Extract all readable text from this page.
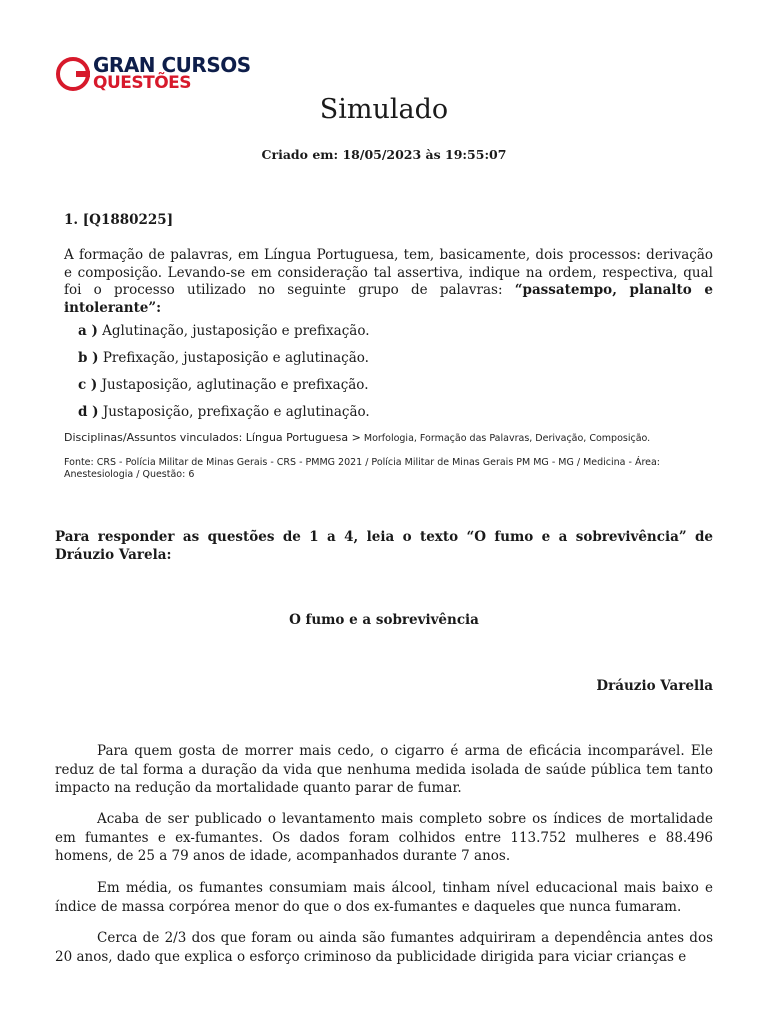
GRAN CURSOS
QUESTÕES
Simulado
Criado em: 18/05/2023 às 19:55:07
1. [Q1880225]
A formação de palavras, em Língua Portuguesa, tem, basicamente, dois processos: derivação e composição. Levando-se em consideração tal assertiva, indique na ordem, respectiva, qual foi o processo utilizado no seguinte grupo de palavras: “passatempo, planalto e intolerante”:
a ) Aglutinação, justaposição e prefixação.
b ) Prefixação, justaposição e aglutinação.
c ) Justaposição, aglutinação e prefixação.
d ) Justaposição, prefixação e aglutinação.
Disciplinas/Assuntos vinculados: Língua Portuguesa > Morfologia, Formação das Palavras, Derivação, Composição.
Fonte: CRS - Polícia Militar de Minas Gerais - CRS - PMMG 2021 / Polícia Militar de Minas Gerais PM MG - MG / Medicina - Área: Anestesiologia / Questão: 6
Para responder as questões de 1 a 4, leia o texto “O fumo e a sobrevivência” de Dráuzio Varela:
O fumo e a sobrevivência
Dráuzio Varella

Para quem gosta de morrer mais cedo, o cigarro é arma de eficácia incomparável. Ele reduz de tal forma a duração da vida que nenhuma medida isolada de saúde pública tem tanto impacto na redução da mortalidade quanto parar de fumar.

Acaba de ser publicado o levantamento mais completo sobre os índices de mortalidade em fumantes e ex-fumantes. Os dados foram colhidos entre 113.752 mulheres e 88.496 homens, de 25 a 79 anos de idade, acompanhados durante 7 anos.

Em média, os fumantes consumiam mais álcool, tinham nível educacional mais baixo e índice de massa corpórea menor do que o dos ex-fumantes e daqueles que nunca fumaram.

Cerca de 2/3 dos que foram ou ainda são fumantes adquiriram a dependência antes dos 20 anos, dado que explica o esforço criminoso da publicidade dirigida para viciar crianças e
